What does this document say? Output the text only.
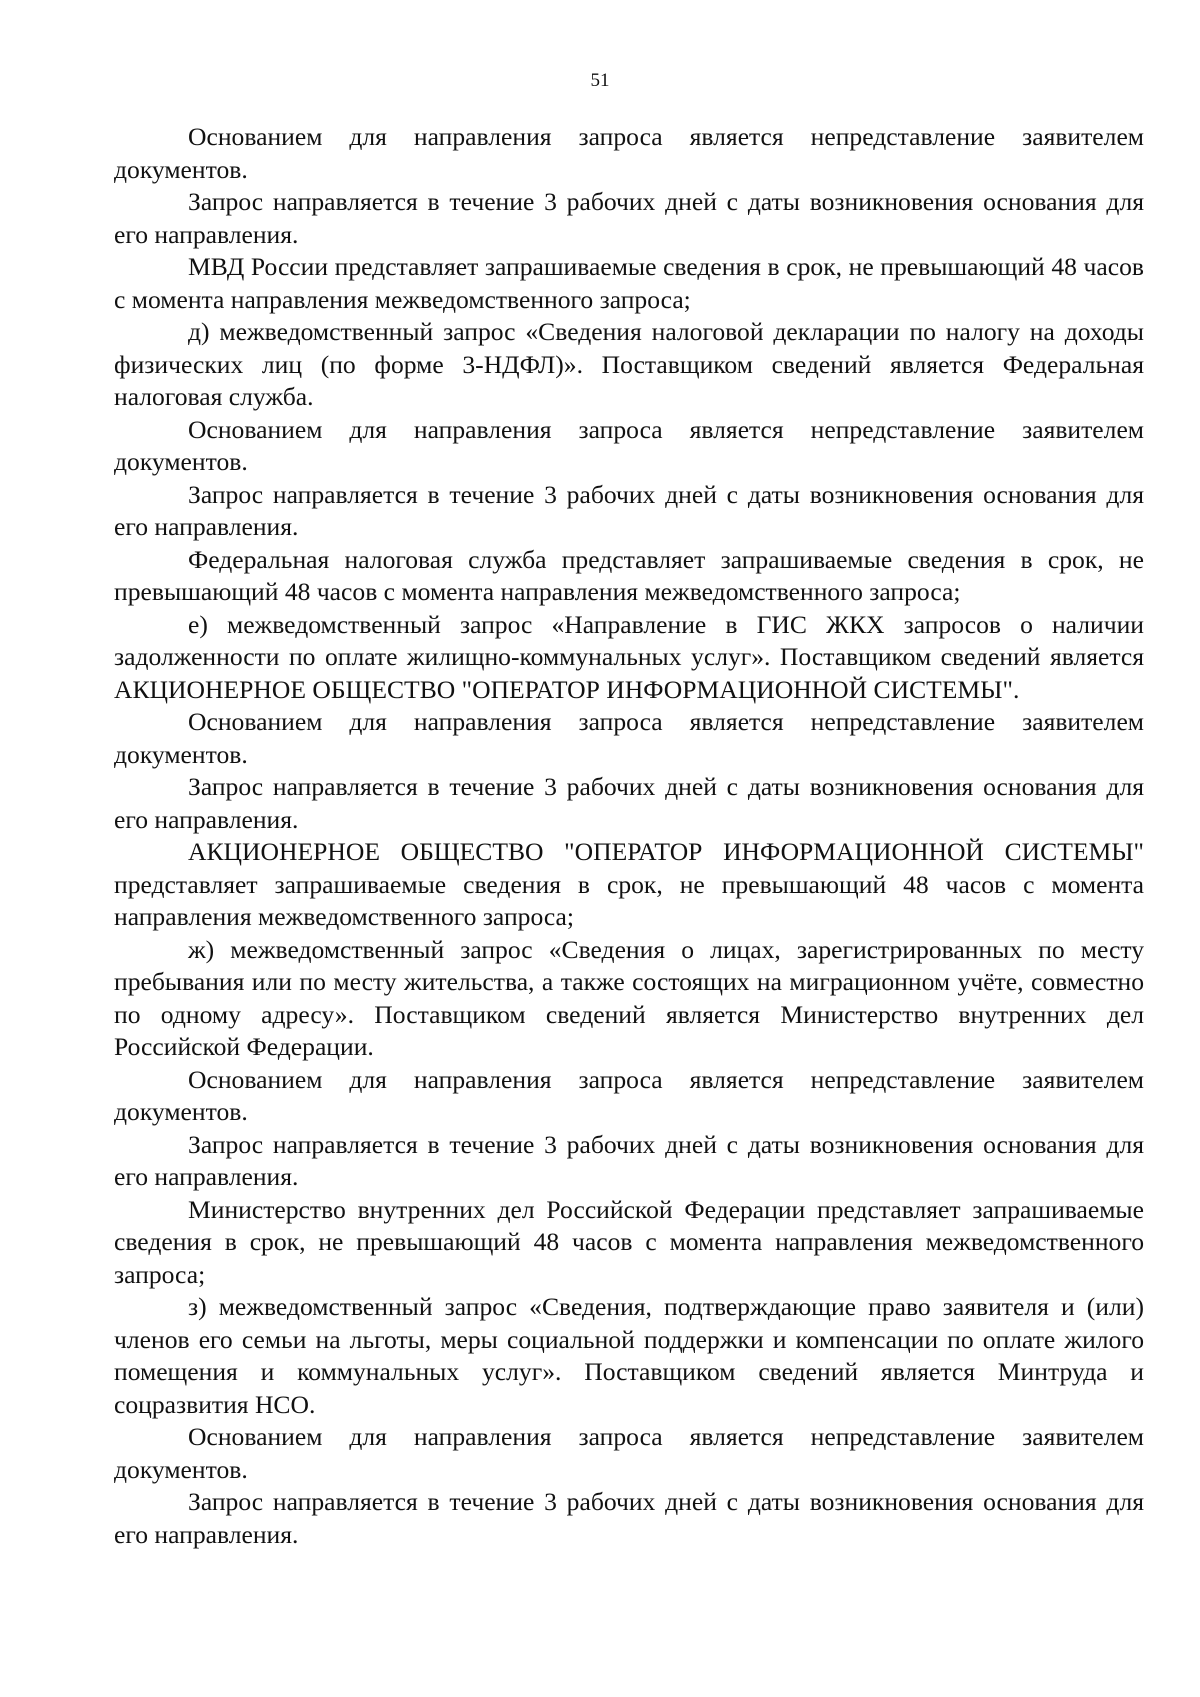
51

Основанием для направления запроса является непредставление заявителем документов.

Запрос направляется в течение 3 рабочих дней с даты возникновения основания для его направления.

МВД России представляет запрашиваемые сведения в срок, не превышающий 48 часов с момента направления межведомственного запроса;

д) межведомственный запрос «Сведения налоговой декларации по налогу на доходы физических лиц (по форме 3-НДФЛ)». Поставщиком сведений является Федеральная налоговая служба.

Основанием для направления запроса является непредставление заявителем документов.

Запрос направляется в течение 3 рабочих дней с даты возникновения основания для его направления.

Федеральная налоговая служба представляет запрашиваемые сведения в срок, не превышающий 48 часов с момента направления межведомственного запроса;

е) межведомственный запрос «Направление в ГИС ЖКХ запросов о наличии задолженности по оплате жилищно-коммунальных услуг». Поставщиком сведений является АКЦИОНЕРНОЕ ОБЩЕСТВО "ОПЕРАТОР ИНФОРМАЦИОННОЙ СИСТЕМЫ".

Основанием для направления запроса является непредставление заявителем документов.

Запрос направляется в течение 3 рабочих дней с даты возникновения основания для его направления.

АКЦИОНЕРНОЕ ОБЩЕСТВО "ОПЕРАТОР ИНФОРМАЦИОННОЙ СИСТЕМЫ" представляет запрашиваемые сведения в срок, не превышающий 48 часов с момента направления межведомственного запроса;

ж) межведомственный запрос «Сведения о лицах, зарегистрированных по месту пребывания или по месту жительства, а также состоящих на миграционном учёте, совместно по одному адресу». Поставщиком сведений является Министерство внутренних дел Российской Федерации.

Основанием для направления запроса является непредставление заявителем документов.

Запрос направляется в течение 3 рабочих дней с даты возникновения основания для его направления.

Министерство внутренних дел Российской Федерации представляет запрашиваемые сведения в срок, не превышающий 48 часов с момента направления межведомственного запроса;

з) межведомственный запрос «Сведения, подтверждающие право заявителя и (или) членов его семьи на льготы, меры социальной поддержки и компенсации по оплате жилого помещения и коммунальных услуг». Поставщиком сведений является Минтруда и соцразвития НСО.

Основанием для направления запроса является непредставление заявителем документов.

Запрос направляется в течение 3 рабочих дней с даты возникновения основания для его направления.
